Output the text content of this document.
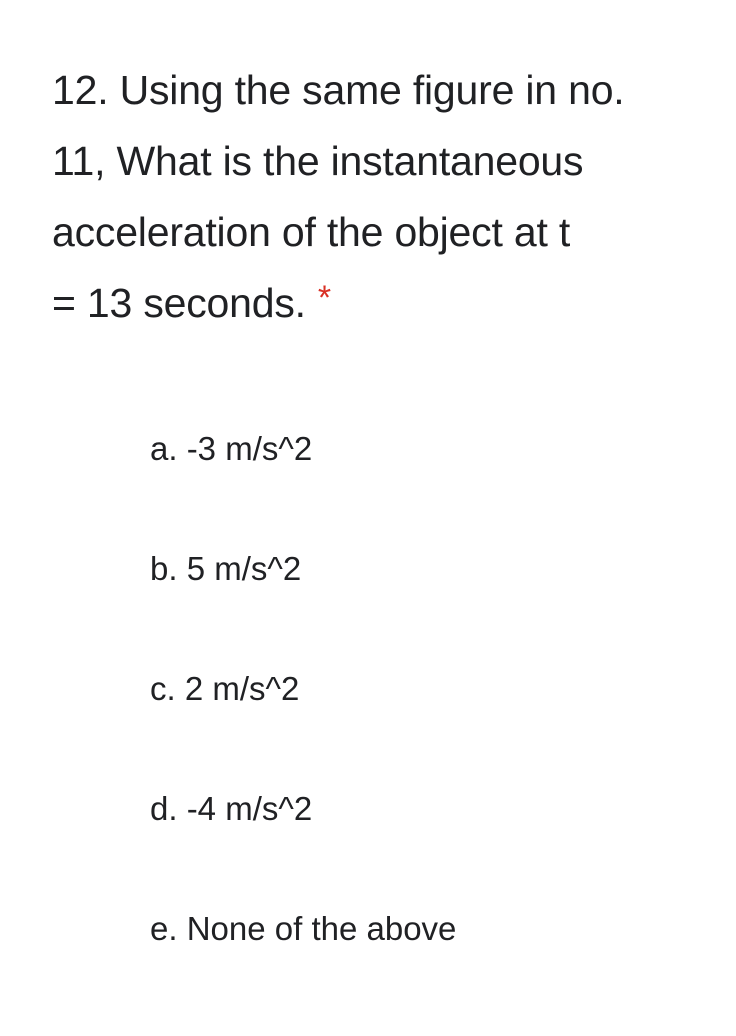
12. Using the same figure in no.
11, What is the instantaneous
acceleration of the object at t
= 13 seconds. *
a. -3 m/s^2
b. 5 m/s^2
c. 2 m/s^2
d. -4 m/s^2
e. None of the above
